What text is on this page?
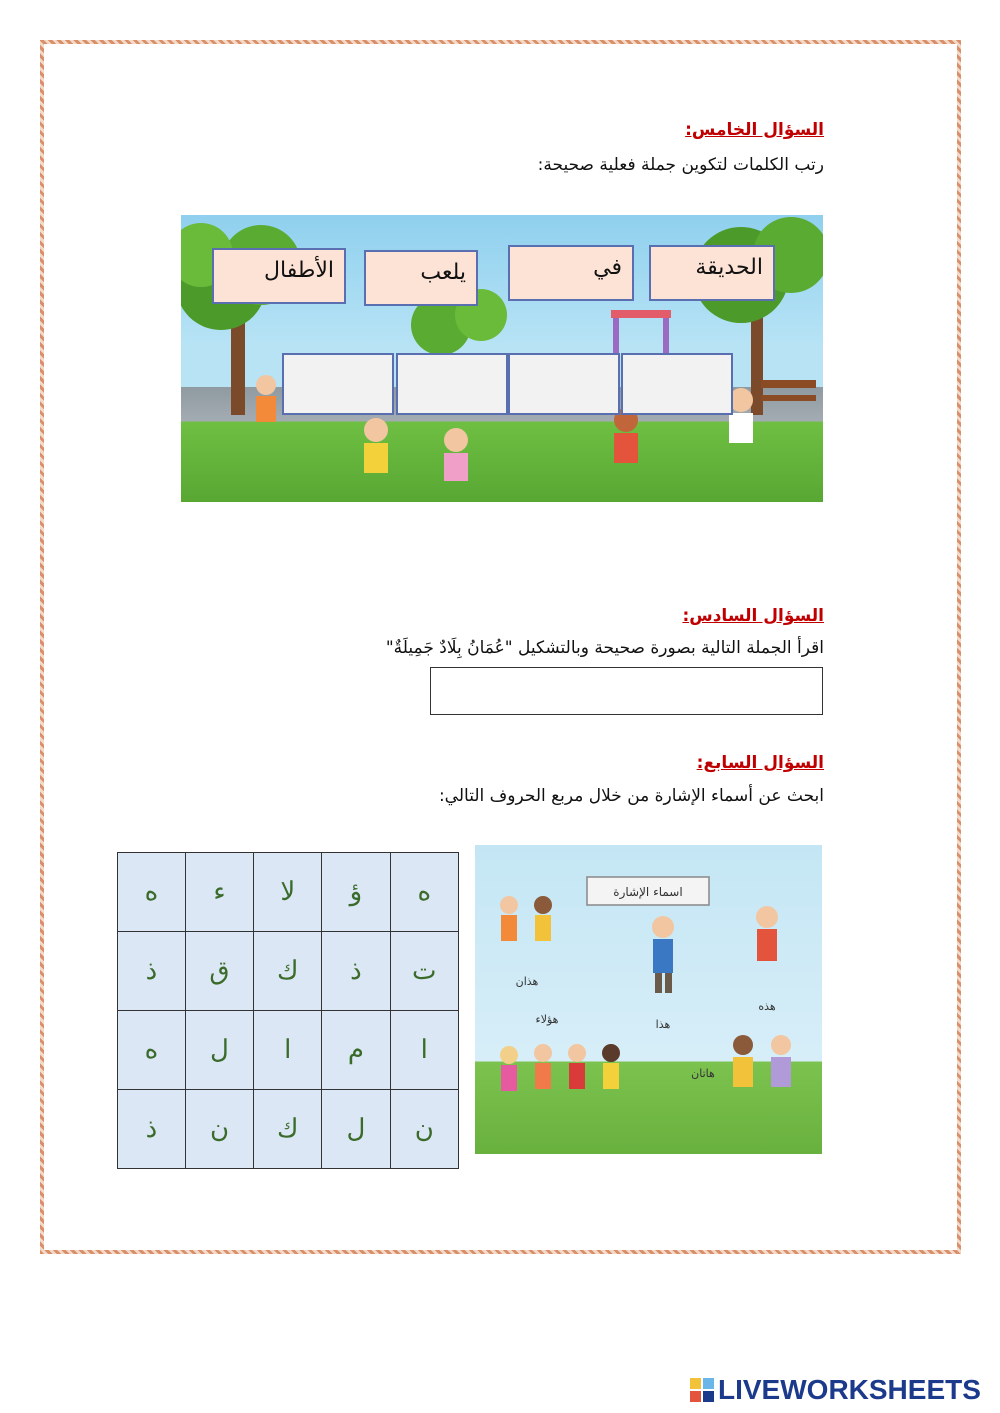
السؤال الخامس:
رتب الكلمات لتكوين جملة فعلية صحيحة:
الحديقة
في
يلعب
الأطفال
السؤال السادس:
اقرأ الجملة التالية بصورة صحيحة وبالتشكيل "عُمَانُ بِلَادٌ جَمِيلَةٌ"
السؤال السابع:
ابحث عن أسماء الإشارة من خلال مربع الحروف التالي:
ه	ؤ	لا	ء	ه
ت	ذ	ك	ق	ذ
ا	م	ا	ل	ه
ن	ل	ك	ن	ذ
اسماء الإشارة
هذان
هذا
هذه
هؤلاء
هاتان
LIVEWORKSHEETS
